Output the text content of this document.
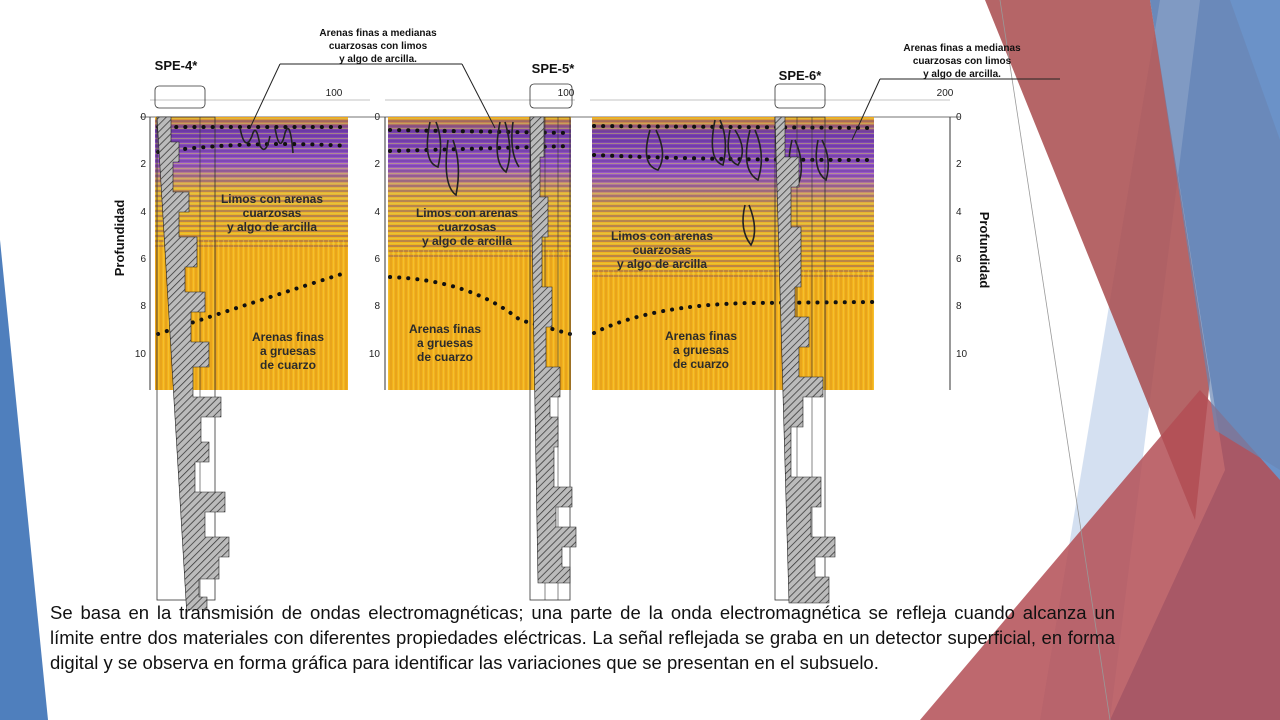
Profundidad	Profundidad
0
2
4
6
8
10
0
2
4
6
8
10
0
2
4
6
8
10
100	100	200
Limos con arenas
cuarzosas
y algo de arcilla
Limos con arenas
cuarzosas
y algo de arcilla	Limos con arenas
cuarzosas
y algo de arcilla
Arenas finas
a gruesas
de cuarzo
Arenas finas
a gruesas
de cuarzo
Arenas finas
a gruesas
de cuarzo
SPE-4*	SPE-5*	SPE-6*
Arenas finas a medianas
cuarzosas con limos
y algo de arcilla.
Arenas finas a medianas
cuarzosas con limos
y algo de arcilla.

Se basa en la transmisión de ondas electromagnéticas; una parte de la onda electromagnética se refleja cuando alcanza un límite entre dos materiales con diferentes propiedades eléctricas. La señal reflejada se graba en un detector superficial, en forma digital y se observa en forma gráfica para identificar las variaciones que se presentan en el subsuelo.
